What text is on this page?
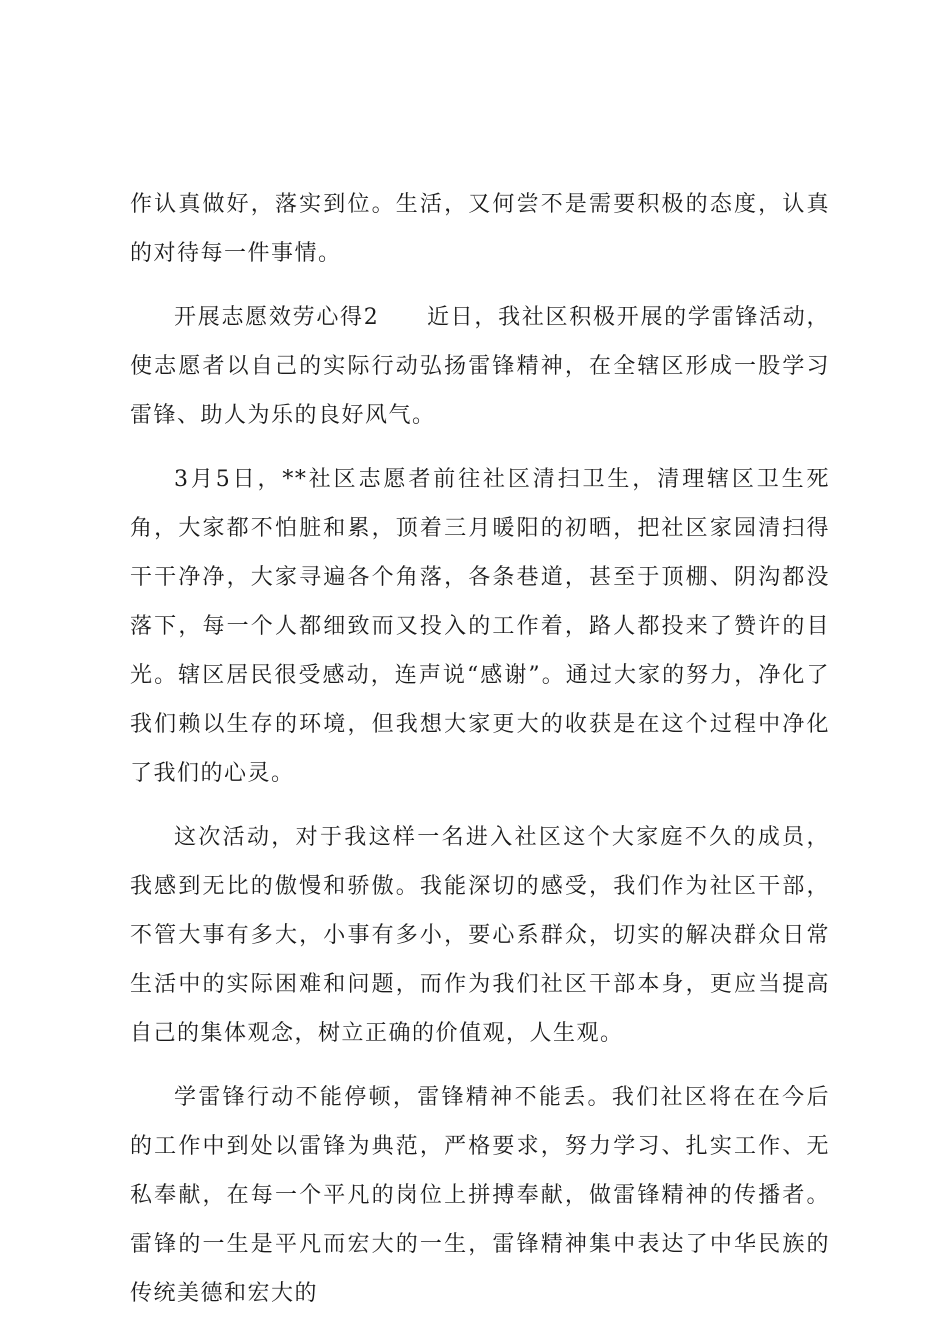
作认真做好，落实到位。生活，又何尝不是需要积极的态度，认真的对待每一件事情。

开展志愿效劳心得2　　近日，我社区积极开展的学雷锋活动，使志愿者以自己的实际行动弘扬雷锋精神，在全辖区形成一股学习雷锋、助人为乐的良好风气。

3月5日，**社区志愿者前往社区清扫卫生，清理辖区卫生死角，大家都不怕脏和累，顶着三月暖阳的初晒，把社区家园清扫得干干净净，大家寻遍各个角落，各条巷道，甚至于顶棚、阴沟都没落下，每一个人都细致而又投入的工作着，路人都投来了赞许的目光。辖区居民很受感动，连声说“感谢”。通过大家的努力，净化了我们赖以生存的环境，但我想大家更大的收获是在这个过程中净化了我们的心灵。

这次活动，对于我这样一名进入社区这个大家庭不久的成员，我感到无比的傲慢和骄傲。我能深切的感受，我们作为社区干部，不管大事有多大，小事有多小，要心系群众，切实的解决群众日常生活中的实际困难和问题，而作为我们社区干部本身，更应当提高自己的集体观念，树立正确的价值观，人生观。

学雷锋行动不能停顿，雷锋精神不能丢。我们社区将在在今后的工作中到处以雷锋为典范，严格要求，努力学习、扎实工作、无私奉献，在每一个平凡的岗位上拼搏奉献，做雷锋精神的传播者。雷锋的一生是平凡而宏大的一生，雷锋精神集中表达了中华民族的传统美德和宏大的
